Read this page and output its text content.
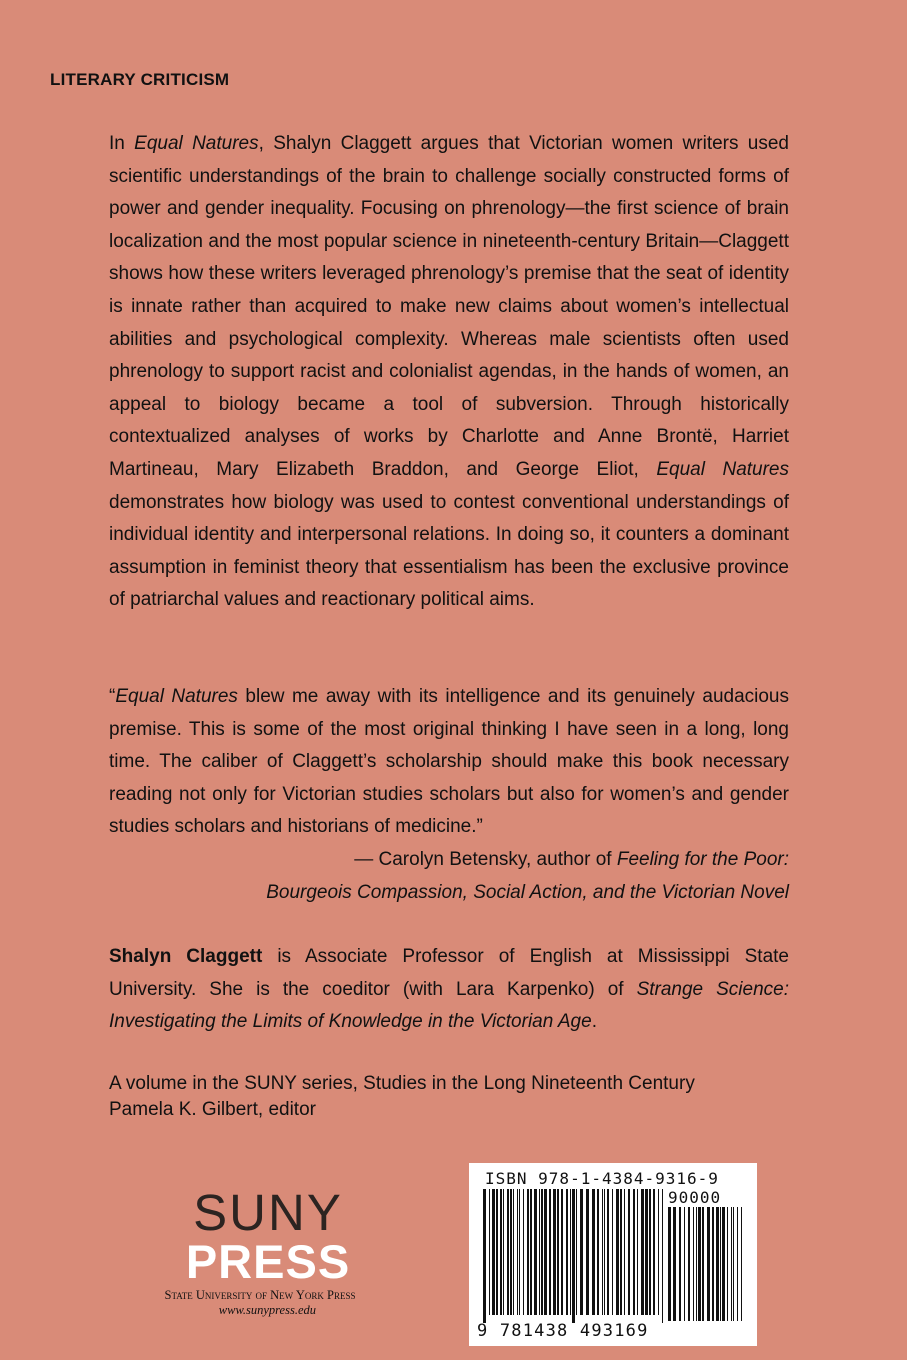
LITERARY CRITICISM

In Equal Natures, Shalyn Claggett argues that Victorian women writers used scientific understandings of the brain to challenge socially constructed forms of power and gender inequality. Focusing on phrenology—the first science of brain localization and the most popular science in nineteenth-century Britain—Claggett shows how these writers leveraged phrenology’s premise that the seat of identity is innate rather than acquired to make new claims about women’s intellectual abilities and psychological complexity. Whereas male scientists often used phrenology to support racist and colonialist agendas, in the hands of women, an appeal to biology became a tool of subversion. Through historically contextualized analyses of works by Charlotte and Anne Brontë, Harriet Martineau, Mary Elizabeth Braddon, and George Eliot, Equal Natures demonstrates how biology was used to contest conventional understandings of individual identity and interpersonal relations. In doing so, it counters a dominant assumption in feminist theory that essentialism has been the exclusive province of patriarchal values and reactionary political aims.

“Equal Natures blew me away with its intelligence and its genuinely audacious premise. This is some of the most original thinking I have seen in a long, long time. The caliber of Claggett’s scholarship should make this book necessary reading not only for Victorian studies scholars but also for women’s and gender studies scholars and historians of medicine.”

— Carolyn Betensky, author of Feeling for the Poor:
Bourgeois Compassion, Social Action, and the Victorian Novel

Shalyn Claggett is Associate Professor of English at Mississippi State University. She is the coeditor (with Lara Karpenko) of Strange Science: Investigating the Limits of Knowledge in the Victorian Age.

A volume in the SUNY series, Studies in the Long Nineteenth Century
Pamela K. Gilbert, editor
SUNY
PRESS
State University of New York Press
www.sunypress.edu
ISBN 978-1-4384-9316-9
90000
9 781438 493169
